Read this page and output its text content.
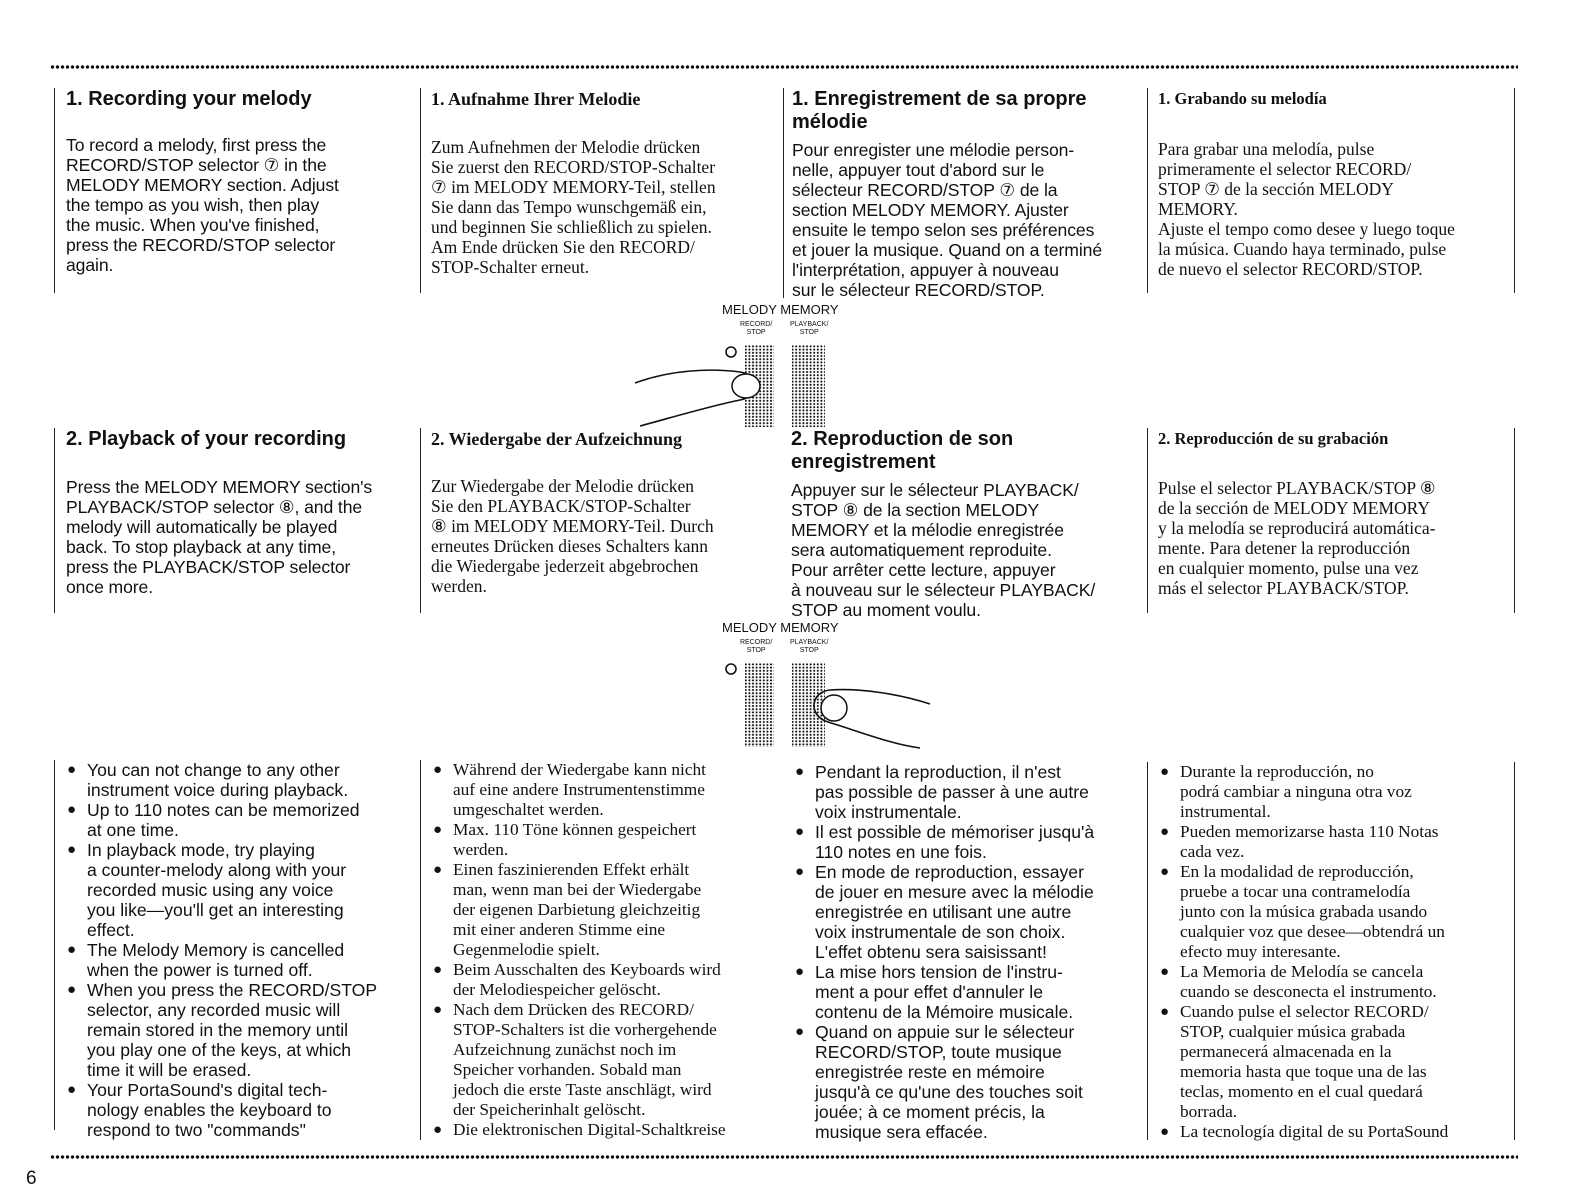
1. Recording your melody

To record a melody, first press the
RECORD/STOP selector ⑦ in the
MELODY MEMORY section. Adjust
the tempo as you wish, then play
the music. When you've finished,
press the RECORD/STOP selector
again.

1. Aufnahme Ihrer Melodie

Zum Aufnehmen der Melodie drücken
Sie zuerst den RECORD/STOP-Schalter
⑦ im MELODY MEMORY-Teil, stellen
Sie dann das Tempo wunschgemäß ein,
und beginnen Sie schließlich zu spielen.
Am Ende drücken Sie den RECORD/
STOP-Schalter erneut.

1. Enregistrement de sa propre
mélodie

Pour enregister une mélodie person-
nelle, appuyer tout d'abord sur le
sélecteur RECORD/STOP ⑦ de la
section MELODY MEMORY. Ajuster
ensuite le tempo selon ses préférences
et jouer la musique. Quand on a terminé
l'interprétation, appuyer à nouveau
sur le sélecteur RECORD/STOP.

1. Grabando su melodía

Para grabar una melodía, pulse
primeramente el selector RECORD/
STOP ⑦ de la sección MELODY
MEMORY.
Ajuste el tempo como desee y luego toque
la música. Cuando haya terminado, pulse
de nuevo el selector RECORD/STOP.

MELODY MEMORY
RECORD/
STOP
PLAYBACK/
STOP

2. Playback of your recording

Press the MELODY MEMORY section's
PLAYBACK/STOP selector ⑧, and the
melody will automatically be played
back. To stop playback at any time,
press the PLAYBACK/STOP selector
once more.

2. Wiedergabe der Aufzeichnung

Zur Wiedergabe der Melodie drücken
Sie den PLAYBACK/STOP-Schalter
⑧ im MELODY MEMORY-Teil. Durch
erneutes Drücken dieses Schalters kann
die Wiedergabe jederzeit abgebrochen
werden.

2. Reproduction de son
enregistrement

Appuyer sur le sélecteur PLAYBACK/
STOP ⑧ de la section MELODY
MEMORY et la mélodie enregistrée
sera automatiquement reproduite.
Pour arrêter cette lecture, appuyer
à nouveau sur le sélecteur PLAYBACK/
STOP au moment voulu.

2. Reproducción de su grabación

Pulse el selector PLAYBACK/STOP ⑧
de la sección de MELODY MEMORY
y la melodía se reproducirá automática-
mente. Para detener la reproducción
en cualquier momento, pulse una vez
más el selector PLAYBACK/STOP.

MELODY MEMORY
RECORD/
STOP
PLAYBACK/
STOP
● You can not change to any other
instrument voice during playback.
● Up to 110 notes can be memorized
at one time.
● In playback mode, try playing
a counter-melody along with your
recorded music using any voice
you like—you'll get an interesting
effect.
● The Melody Memory is cancelled
when the power is turned off.
● When you press the RECORD/STOP
selector, any recorded music will
remain stored in the memory until
you play one of the keys, at which
time it will be erased.
● Your PortaSound's digital tech-
nology enables the keyboard to
respond to two "commands"
● Während der Wiedergabe kann nicht
auf eine andere Instrumentenstimme
umgeschaltet werden.
● Max. 110 Töne können gespeichert
werden.
● Einen faszinierenden Effekt erhält
man, wenn man bei der Wiedergabe
der eigenen Darbietung gleichzeitig
mit einer anderen Stimme eine
Gegenmelodie spielt.
● Beim Ausschalten des Keyboards wird
der Melodiespeicher gelöscht.
● Nach dem Drücken des RECORD/
STOP-Schalters ist die vorhergehende
Aufzeichnung zunächst noch im
Speicher vorhanden. Sobald man
jedoch die erste Taste anschlägt, wird
der Speicherinhalt gelöscht.
● Die elektronischen Digital-Schaltkreise
● Pendant la reproduction, il n'est
pas possible de passer à une autre
voix instrumentale.
● Il est possible de mémoriser jusqu'à
110 notes en une fois.
● En mode de reproduction, essayer
de jouer en mesure avec la mélodie
enregistrée en utilisant une autre
voix instrumentale de son choix.
L'effet obtenu sera saisissant!
● La mise hors tension de l'instru-
ment a pour effet d'annuler le
contenu de la Mémoire musicale.
● Quand on appuie sur le sélecteur
RECORD/STOP, toute musique
enregistrée reste en mémoire
jusqu'à ce qu'une des touches soit
jouée; à ce moment précis, la
musique sera effacée.
● Durante la reproducción, no
podrá cambiar a ninguna otra voz
instrumental.
● Pueden memorizarse hasta 110 Notas
cada vez.
● En la modalidad de reproducción,
pruebe a tocar una contramelodía
junto con la música grabada usando
cualquier voz que desee—obtendrá un
efecto muy interesante.
● La Memoria de Melodía se cancela
cuando se desconecta el instrumento.
● Cuando pulse el selector RECORD/
STOP, cualquier música grabada
permanecerá almacenada en la
memoria hasta que toque una de las
teclas, momento en el cual quedará
borrada.
● La tecnología digital de su PortaSound
6
